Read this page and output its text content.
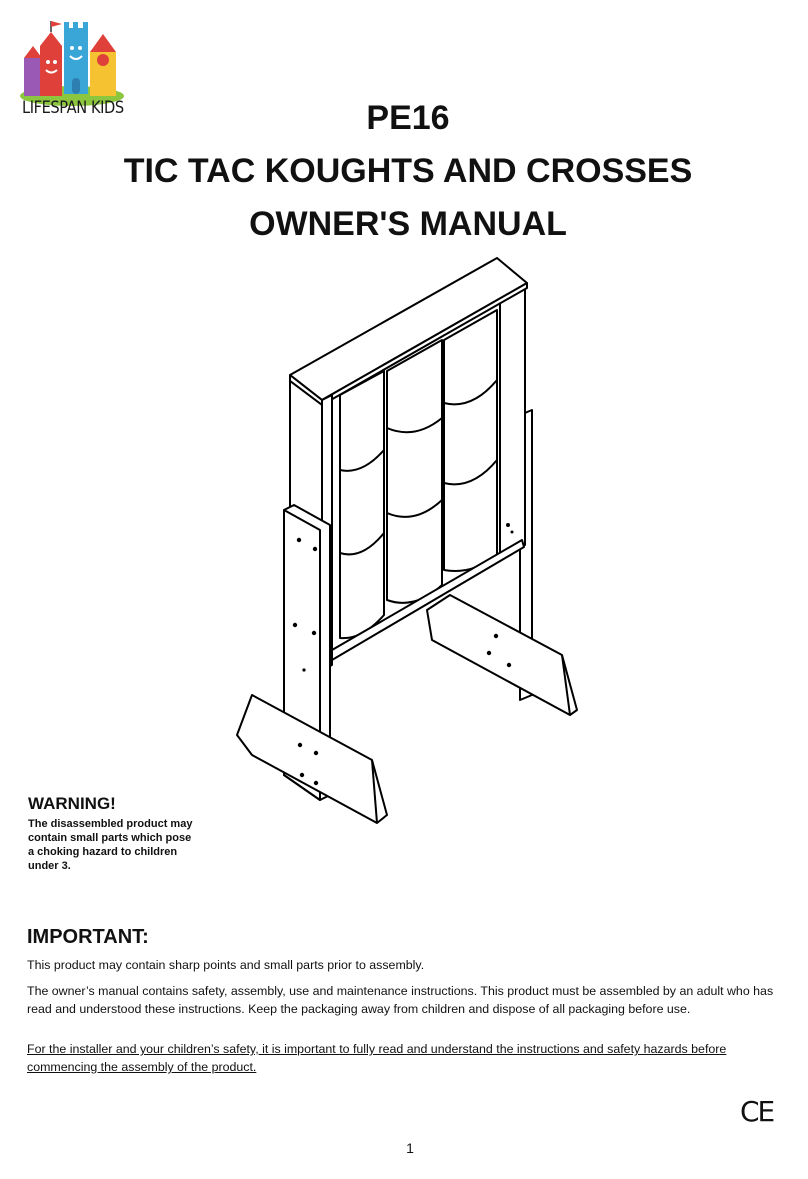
LIFESPAN KIDS	PE16
TIC TAC KOUGHTS AND CROSSES
OWNER'S MANUAL
WARNING!
The disassembled product may contain small parts which pose a choking hazard to children under 3.
IMPORTANT:

This product may contain sharp points and small parts prior to assembly.

The owner’s manual contains safety, assembly, use and maintenance instructions. This product must be assembled by an adult who has read and understood these instructions. Keep the packaging away from children and dispose of all packaging before use.

For the installer and your children’s safety, it is important to fully read and understand the instructions and safety hazards before commencing the assembly of the product.

CE
1
